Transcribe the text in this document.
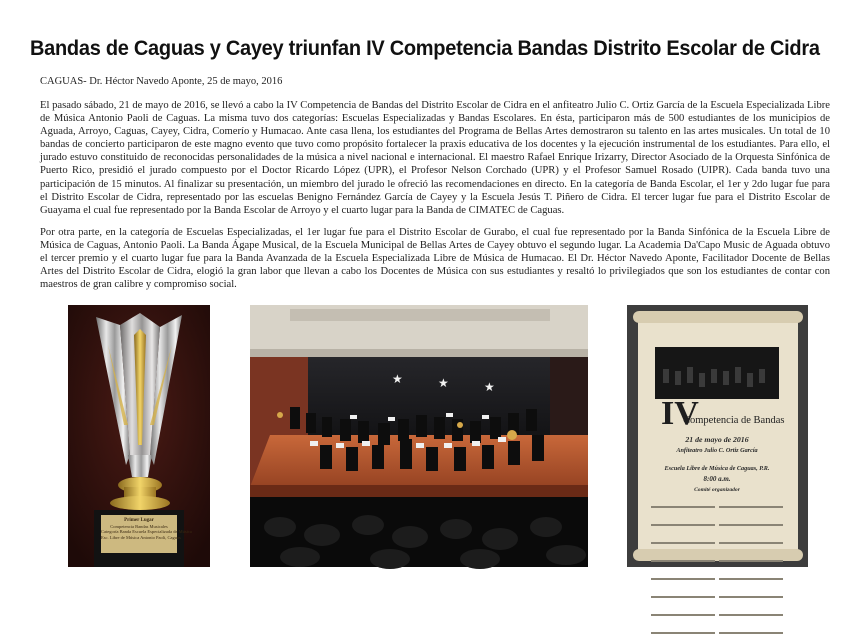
Bandas de Caguas y Cayey triunfan IV Competencia Bandas Distrito Escolar de Cidra
CAGUAS- Dr. Héctor Navedo Aponte, 25 de mayo, 2016
El pasado sábado, 21 de mayo de 2016, se llevó a cabo la IV Competencia de Bandas del Distrito Escolar de Cidra en el anfiteatro Julio C. Ortiz García de la Escuela Especializada Libre de Música Antonio Paoli de Caguas. La misma tuvo dos categorías: Escuelas Especializadas y Bandas Escolares. En ésta, participaron más de 500 estudiantes de los municipios de Aguada, Arroyo, Caguas, Cayey, Cidra, Comerío y Humacao. Ante casa llena, los estudiantes del Programa de Bellas Artes demostraron su talento en las artes musicales. Un total de 10 bandas de concierto participaron de este magno evento que tuvo como propósito fortalecer la praxis educativa de los docentes y la ejecución instrumental de los estudiantes. Para ello, el jurado estuvo constituido de reconocidas personalidades de la música a nivel nacional e internacional. El maestro Rafael Enrique Irizarry, Director Asociado de la Orquesta Sinfónica de Puerto Rico, presidió el jurado compuesto por el Doctor Ricardo López (UPR), el Profesor Nelson Corchado (UPR) y el Profesor Samuel Rosado (UIPR). Cada banda tuvo una participación de 15 minutos. Al finalizar su presentación, un miembro del jurado le ofreció las recomendaciones en directo. En la categoría de Banda Escolar, el 1er y 2do lugar fue para el Distrito Escolar de Cidra, representado por las escuelas Benigno Fernández García de Cayey y la Escuela Jesús T. Piñero de Cidra. El tercer lugar fue para el Distrito Escolar de Guayama el cual fue representado por la Banda Escolar de Arroyo y el cuarto lugar para la Banda de CIMATEC de Caguas.
Por otra parte, en la categoría de Escuelas Especializadas, el 1er lugar fue para el Distrito Escolar de Gurabo, el cual fue representado por la Banda Sinfónica de la Escuela Libre de Música de Caguas, Antonio Paoli. La Banda Ágape Musical, de la Escuela Municipal de Bellas Artes de Cayey obtuvo el segundo lugar. La Academia Da'Capo Music de Aguada obtuvo el tercer premio y el cuarto lugar fue para la Banda Avanzada de la Escuela Especializada Libre de Música de Humacao. El Dr. Héctor Navedo Aponte, Facilitador Docente de Bellas Artes del Distrito Escolar de Cidra, elogió la gran labor que llevan a cabo los Docentes de Música con sus estudiantes y resaltó lo privilegiados que son los estudiantes de contar con maestros de gran calibre y compromiso social.
Primer Lugar
Competencia Bandas Musicales
Categoría Banda Escuela Especializada de Música
Esc. Libre de Música Antonio Paoli, Caguas
★	★	★
IV
Competencia de Bandas
21 de mayo de 2016
Anfiteatro Julio C. Ortiz García
Escuela Libre de Música de Caguas, P.R.
8:00 a.m.
Comité organizador
